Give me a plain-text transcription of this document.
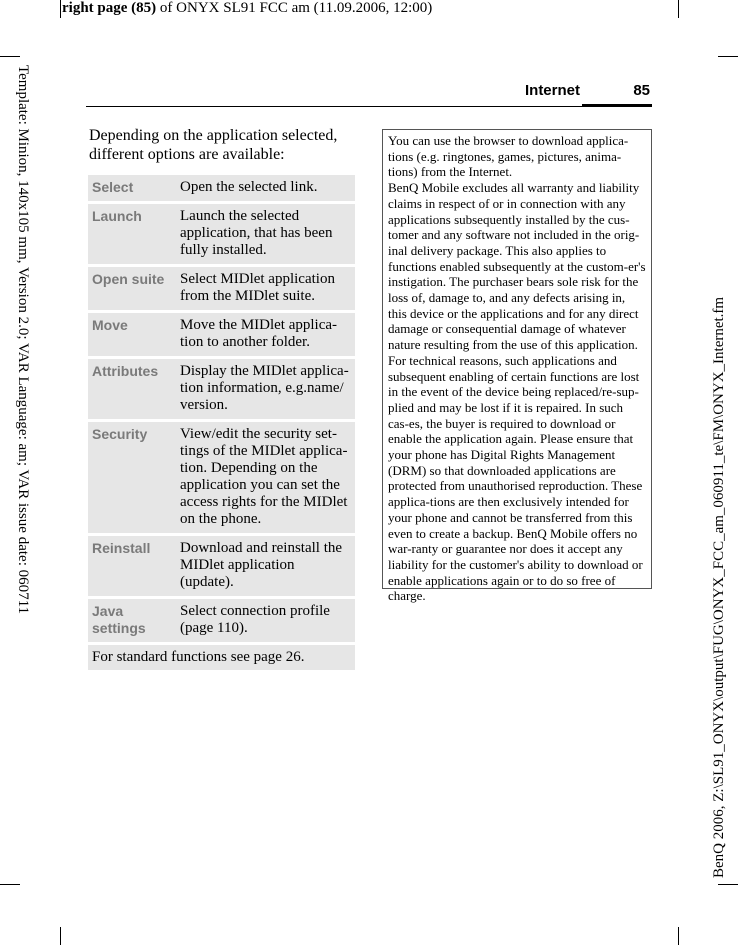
right page (85) of ONYX SL91 FCC am (11.09.2006, 12:00)
Template: Minion, 140x105 mm, Version 2.0; VAR Language: am; VAR issue date: 060711	BenQ 2006, Z:\SL91_ONYX\output\FUG\ONYX_FCC_am_060911_te\FM\ONYX_Internet.fm
Internet	85
Depending on the application selected, different options are available:
Select	Open the selected link.
Launch	Launch the selected application, that has been fully installed.
Open suite	Select MIDlet application from the MIDlet suite.
Move	Move the MIDlet applica-tion to another folder.
Attributes	Display the MIDlet applica-tion information, e.g.name/ version.
Security	View/edit the security set-tings of the MIDlet applica-tion. Depending on the application you can set the access rights for the MIDlet on the phone.
Reinstall	Download and reinstall the MIDlet application (update).
Java settings	Select connection profile (page 110).
For standard functions see page 26.	

You can use the browser to download applica-tions (e.g. ringtones, games, pictures, anima-tions) from the Internet.

BenQ Mobile excludes all warranty and liability claims in respect of or in connection with any applications subsequently installed by the cus-tomer and any software not included in the orig-inal delivery package. This also applies to functions enabled subsequently at the custom-er's instigation. The purchaser bears sole risk for the loss of, damage to, and any defects arising in, this device or the applications and for any direct damage or consequential damage of whatever nature resulting from the use of this application.

For technical reasons, such applications and subsequent enabling of certain functions are lost in the event of the device being replaced/re-sup-plied and may be lost if it is repaired. In such cas-es, the buyer is required to download or enable the application again. Please ensure that your phone has Digital Rights Management (DRM) so that downloaded applications are protected from unauthorised reproduction. These applica-tions are then exclusively intended for your phone and cannot be transferred from this even to create a backup. BenQ Mobile offers no war-ranty or guarantee nor does it accept any liability for the customer's ability to download or enable applications again or to do so free of charge.
